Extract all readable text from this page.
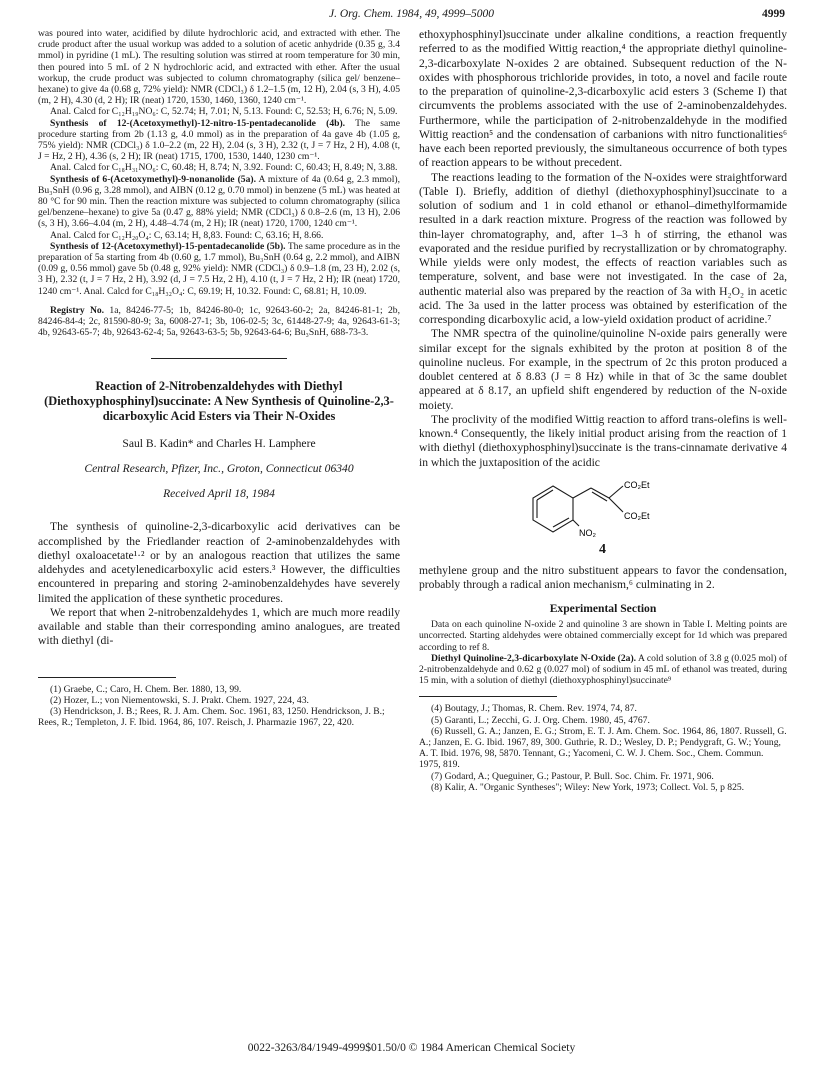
J. Org. Chem. 1984, 49, 4999–5000	4999

was poured into water, acidified by dilute hydrochloric acid, and extracted with ether. The crude product after the usual workup was added to a solution of acetic anhydride (0.35 g, 3.4 mmol) in pyridine (1 mL). The resulting solution was stirred at room temperature for 30 min, then poured into 5 mL of 2 N hydrochloric acid, and extracted with ether. After the usual workup, the crude product was subjected to column chromatography (silica gel/ benzene–hexane) to give 4a (0.68 g, 72% yield): NMR (CDCl₃) δ 1.2–1.5 (m, 12 H), 2.04 (s, 3 H), 4.05 (m, 2 H), 4.30 (d, 2 H); IR (neat) 1720, 1530, 1460, 1360, 1240 cm⁻¹.

Anal. Calcd for C₁₂H₁₉NO₆: C, 52.74; H, 7.01; N, 5.13. Found: C, 52.53; H, 6.76; N, 5.09.

Synthesis of 12-(Acetoxymethyl)-12-nitro-15-pentadecanolide (4b). The same procedure starting from 2b (1.13 g, 4.0 mmol) as in the preparation of 4a gave 4b (1.05 g, 75% yield): NMR (CDCl₃) δ 1.0–2.2 (m, 22 H), 2.04 (s, 3 H), 2.32 (t, J = 7 Hz, 2 H), 4.08 (t, J = Hz, 2 H), 4.36 (s, 2 H); IR (neat) 1715, 1700, 1530, 1440, 1230 cm⁻¹.

Anal. Calcd for C₁₈H₃₁NO₆: C, 60.48; H, 8.74; N, 3.92. Found: C, 60.43; H, 8.49; N, 3.88.

Synthesis of 6-(Acetoxymethyl)-9-nonanolide (5a). A mixture of 4a (0.64 g, 2.3 mmol), Bu₃SnH (0.96 g, 3.28 mmol), and AIBN (0.12 g, 0.70 mmol) in benzene (5 mL) was heated at 80 °C for 90 min. Then the reaction mixture was subjected to column chromatography (silica gel/benzene–hexane) to give 5a (0.47 g, 88% yield; NMR (CDCl₃) δ 0.8–2.6 (m, 13 H), 2.06 (s, 3 H), 3.66–4.04 (m, 2 H), 4.48–4.74 (m, 2 H); IR (neat) 1720, 1700, 1240 cm⁻¹.

Anal. Calcd for C₁₂H₂₀O₄: C, 63.14; H, 8,83. Found: C, 63.16; H, 8.66.

Synthesis of 12-(Acetoxymethyl)-15-pentadecanolide (5b). The same procedure as in the preparation of 5a starting from 4b (0.60 g, 1.7 mmol), Bu₃SnH (0.64 g, 2.2 mmol), and AIBN (0.09 g, 0.56 mmol) gave 5b (0.48 g, 92% yield): NMR (CDCl₃) δ 0.9–1.8 (m, 23 H), 2.02 (s, 3 H), 2.32 (t, J = 7 Hz, 2 H), 3.92 (d, J = 7.5 Hz, 2 H), 4.10 (t, J = 7 Hz, 2 H); IR (neat) 1720, 1240 cm⁻¹. Anal. Calcd for C₁₈H₃₂O₄: C, 69.19; H, 10.32. Found: C, 68.81; H, 10.09.

Registry No. 1a, 84246-77-5; 1b, 84246-80-0; 1c, 92643-60-2; 2a, 84246-81-1; 2b, 84246-84-4; 2c, 81590-80-9; 3a, 6008-27-1; 3b, 106-02-5; 3c, 61448-27-9; 4a, 92643-61-3; 4b, 92643-65-7; 4b, 92643-62-4; 5a, 92643-63-5; 5b, 92643-64-6; Bu₃SnH, 688-73-3.

Reaction of 2-Nitrobenzaldehydes with Diethyl (Diethoxyphosphinyl)succinate: A New Synthesis of Quinoline-2,3-dicarboxylic Acid Esters via Their N-Oxides
Saul B. Kadin* and Charles H. Lamphere
Central Research, Pfizer, Inc., Groton, Connecticut 06340
Received April 18, 1984

The synthesis of quinoline-2,3-dicarboxylic acid derivatives can be accomplished by the Friedlander reaction of 2-aminobenzaldehydes with diethyl oxaloacetate¹·² or by an analogous reaction that utilizes the same aldehydes and acetylenedicarboxylic acid esters.³ However, the difficulties encountered in preparing and storing 2-aminobenzaldehydes have severely limited the application of these synthetic procedures.

We report that when 2-nitrobenzaldehydes 1, which are much more readily available and stable than their corresponding amino analogues, are treated with diethyl (di-

(1) Graebe, C.; Caro, H. Chem. Ber. 1880, 13, 99.

(2) Hozer, L.; von Niementowski, S. J. Prakt. Chem. 1927, 224, 43.

(3) Hendrickson, J. B.; Rees, R. J. Am. Chem. Soc. 1961, 83, 1250. Hendrickson, J. B.; Rees, R.; Templeton, J. F. Ibid. 1964, 86, 107. Reisch, J. Pharmazie 1967, 22, 420.

ethoxyphosphinyl)succinate under alkaline conditions, a reaction frequently referred to as the modified Wittig reaction,⁴ the appropriate diethyl quinoline-2,3-dicarboxylate N-oxides 2 are obtained. Subsequent reduction of the N-oxides with phosphorous trichloride provides, in toto, a novel and facile route to the preparation of quinoline-2,3-dicarboxylic acid esters 3 (Scheme I) that circumvents the problems associated with the use of 2-aminobenzaldehydes. Furthermore, while the participation of 2-nitrobenzaldehyde in the modified Wittig reaction⁵ and the condensation of carbanions with nitro functionalities⁶ have each been reported previously, the simultaneous occurrence of both types of reaction appears to be without precedent.

The reactions leading to the formation of the N-oxides were straightforward (Table I). Briefly, addition of diethyl (diethoxyphosphinyl)succinate to a solution of sodium and 1 in cold ethanol or ethanol–dimethylformamide resulted in a dark reaction mixture. Progress of the reaction was followed by thin-layer chromatography, and, after 1–3 h of stirring, the ethanol was evaporated and the residue purified by recrystallization or by chromatography. While yields were only modest, the effects of reaction variables such as temperature, solvent, and base were not investigated. In the case of 2a, authentic material also was prepared by the reaction of 3a with H₂O₂ in acetic acid. The 3a used in the latter process was obtained by esterification of the corresponding dicarboxylic acid, a low-yield oxidation product of acridine.⁷

The NMR spectra of the quinoline/quinoline N-oxide pairs generally were similar except for the signals exhibited by the proton at position 8 of the quinoline nucleus. For example, in the spectrum of 2c this proton produced a doublet centered at δ 8.83 (J = 8 Hz) while in that of 3c the same doublet appeared at δ 8.17, an upfield shift engendered by reduction of the N-oxide moiety.

The proclivity of the modified Wittig reaction to afford trans-olefins is well-known.⁴ Consequently, the likely initial product arising from the reaction of 1 with diethyl (diethoxyphosphinyl)succinate is the trans-cinnamate derivative 4 in which the juxtaposition of the acidic

CO₂Et
CO₂Et
NO₂
4

methylene group and the nitro substituent appears to favor the condensation, probably through a radical anion mechanism,⁶ culminating in 2.

Experimental Section

Data on each quinoline N-oxide 2 and quinoline 3 are shown in Table I. Melting points are uncorrected. Starting aldehydes were obtained commercially except for 1d which was prepared according to ref 8.

Diethyl Quinoline-2,3-dicarboxylate N-Oxide (2a). A cold solution of 3.8 g (0.025 mol) of 2-nitrobenzaldehyde and 0.62 g (0.027 mol) of sodium in 45 mL of ethanol was treated, during 15 min, with a solution of diethyl (diethoxyphosphinyl)succinate⁹

(4) Boutagy, J.; Thomas, R. Chem. Rev. 1974, 74, 87.

(5) Garanti, L.; Zecchi, G. J. Org. Chem. 1980, 45, 4767.

(6) Russell, G. A.; Janzen, E. G.; Strom, E. T. J. Am. Chem. Soc. 1964, 86, 1807. Russell, G. A.; Janzen, E. G. Ibid. 1967, 89, 300. Guthrie, R. D.; Wesley, D. P.; Pendygraft, G. W.; Young, A. T. Ibid. 1976, 98, 5870. Tennant, G.; Yacomeni, C. W. J. Chem. Soc., Chem. Commun. 1975, 819.

(7) Godard, A.; Queguiner, G.; Pastour, P. Bull. Soc. Chim. Fr. 1971, 906.

(8) Kalir, A. "Organic Syntheses"; Wiley: New York, 1973; Collect. Vol. 5, p 825.

0022-3263/84/1949-4999$01.50/0 © 1984 American Chemical Society
